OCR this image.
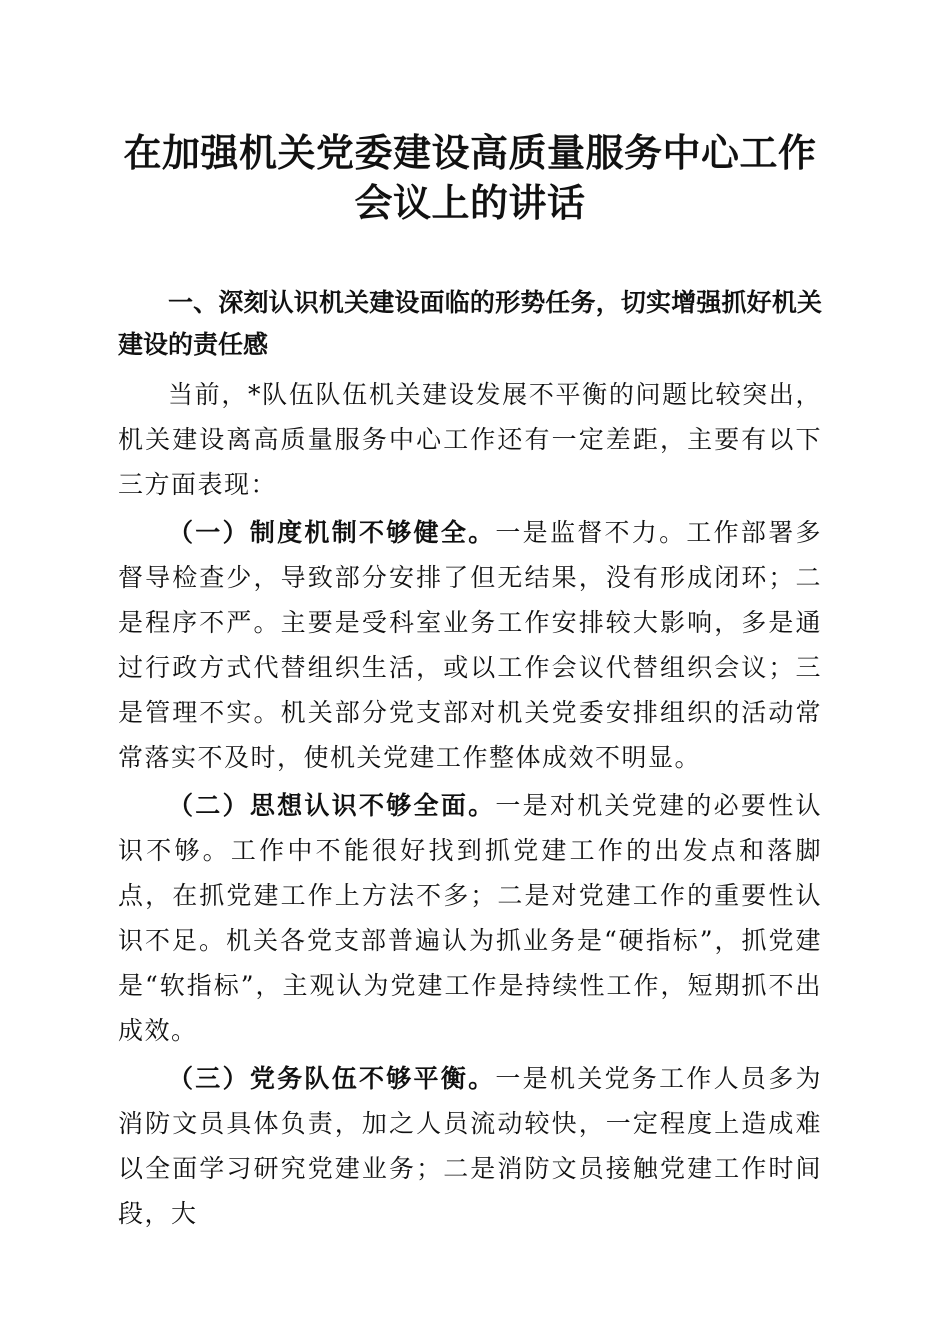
在加强机关党委建设高质量服务中心工作会议上的讲话

一、深刻认识机关建设面临的形势任务，切实增强抓好机关建设的责任感

当前，*队伍队伍机关建设发展不平衡的问题比较突出，机关建设离高质量服务中心工作还有一定差距，主要有以下三方面表现：

（一）制度机制不够健全。一是监督不力。工作部署多督导检查少，导致部分安排了但无结果，没有形成闭环；二是程序不严。主要是受科室业务工作安排较大影响，多是通过行政方式代替组织生活，或以工作会议代替组织会议；三是管理不实。机关部分党支部对机关党委安排组织的活动常常落实不及时，使机关党建工作整体成效不明显。

（二）思想认识不够全面。一是对机关党建的必要性认识不够。工作中不能很好找到抓党建工作的出发点和落脚点，在抓党建工作上方法不多；二是对党建工作的重要性认识不足。机关各党支部普遍认为抓业务是“硬指标”，抓党建是“软指标”，主观认为党建工作是持续性工作，短期抓不出成效。

（三）党务队伍不够平衡。一是机关党务工作人员多为消防文员具体负责，加之人员流动较快，一定程度上造成难以全面学习研究党建业务；二是消防文员接触党建工作时间段，大
